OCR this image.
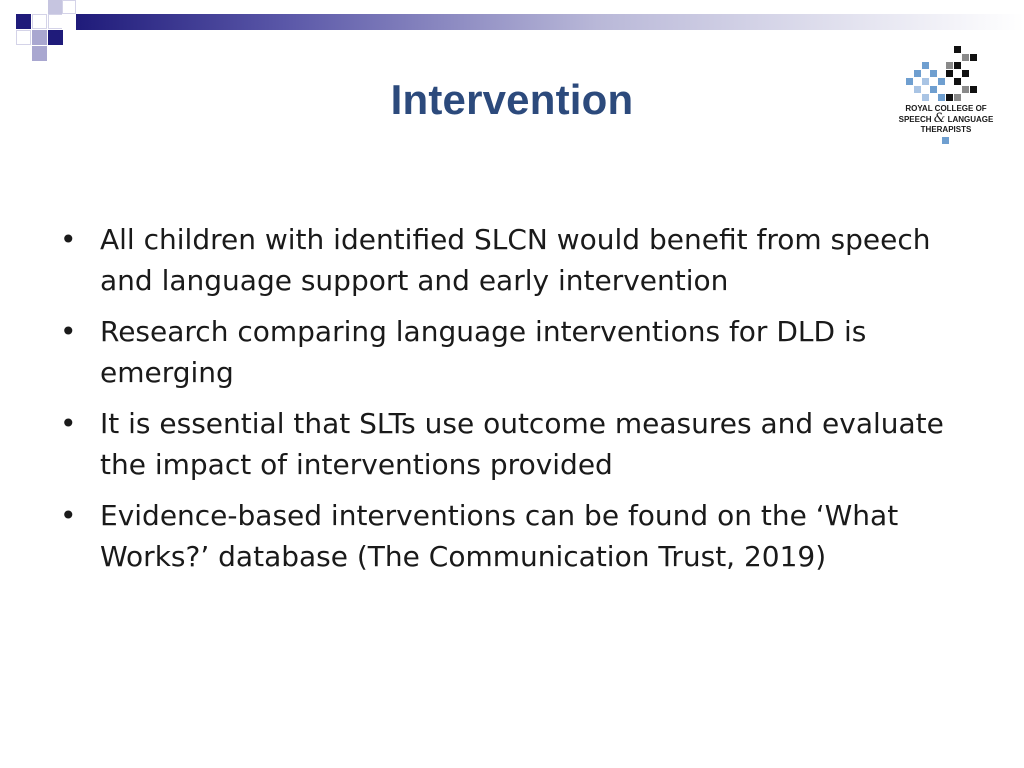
Intervention	ROYAL COLLEGE OF
SPEECH & LANGUAGE
THERAPISTS
• All children with identified SLCN would benefit from speech and language support and early intervention
• Research comparing language interventions for DLD is emerging
• It is essential that SLTs use outcome measures and evaluate the impact of interventions provided
• Evidence-based interventions can be found on the ‘What Works?’ database (The Communication Trust, 2019)
